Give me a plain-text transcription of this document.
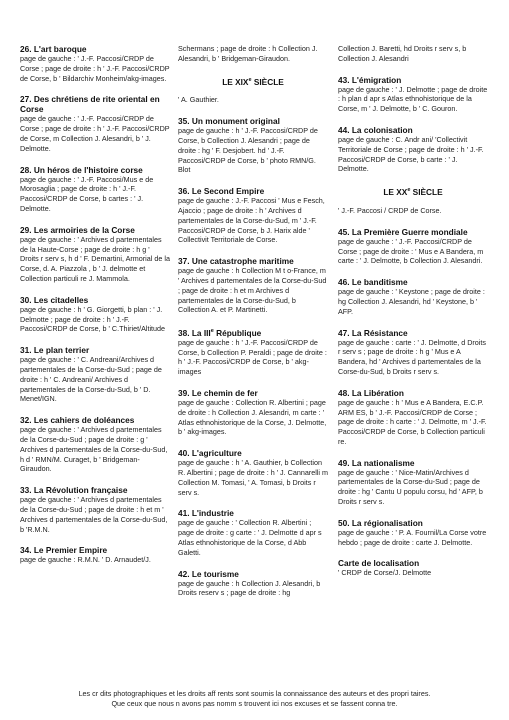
26. L'art baroque

page de gauche : ' J.-F. Paccosi/CRDP de Corse ; page de droite : h ' J.-F. Paccosi/CRDP de Corse, b ' Bildarchiv Monheim/akg-images.

27. Des chrétiens de rite oriental en Corse

page de gauche : ' J.-F. Paccosi/CRDP de Corse ; page de droite : h ' J.-F. Paccosi/CRDP de Corse, m Collection J. Alesandri, b ' J. Delmotte.

28. Un héros de l'histoire corse

page de gauche : ' J.-F. Paccosi/Mus e de Morosaglia ; page de droite : h ' J.-F. Paccosi/CRDP de Corse, b cartes : ' J. Delmotte.

29. Les armoiries de la Corse

page de gauche : ' Archives d partementales de la Haute-Corse ; page de droite : h g ' Droits r serv s, h d ' F. Demartini, Armorial de la Corse, d. A. Piazzola , b ' J. delmotte et Collection particuli re J. Mammola.

30. Les citadelles

page de gauche : h ' G. Giorgetti, b plan : ' J. Delmotte ; page de droite : h ' J.-F. Paccosi/CRDP de Corse, b ' C.Thiriet/Altitude

31. Le plan terrier

page de gauche : ' C. Andreani/Archives d partementales de la Corse-du-Sud ; page de droite : h ' C. Andreani/ Archives d partementales de la Corse-du-Sud, b ' D. Menet/IGN.

32. Les cahiers de doléances

page de gauche : ' Archives d partementales de la Corse-du-Sud ; page de droite : g ' Archives d partementales de la Corse-du-Sud, h d ' RMN/M. Curaget, b ' Bridgeman-Giraudon.

33. La Révolution française

page de gauche : ' Archives d partementales de la Corse-du-Sud ; page de droite : h et m ' Archives d partementales de la Corse-du-Sud, b 'R.M.N.

34. Le Premier Empire

page de gauche : R.M.N. ' D. Arnaudet/J.

Schermans ; page de droite : h Collection J. Alesandri, b ' Bridgeman-Giraudon.

LE XIXe SIÈCLE

' A. Gauthier.

35. Un monument original

page de gauche : h ' J.-F. Paccosi/CRDP de Corse, b Collection J. Alesandri ; page de droite : hg ' F. Desjobert. hd ' J.-F. Paccosi/CRDP de Corse, b ' photo RMN/G. Blot

36. Le Second Empire

page de gauche : J.-F. Paccosi ' Mus e Fesch, Ajaccio ; page de droite : h ' Archives d partementales de la Corse-du-Sud, m ' J.-F. Paccosi/CRDP de Corse, b J. Harix alde ' Collectivit Territoriale de Corse.

37. Une catastrophe maritime

page de gauche : h Collection M t o-France, m ' Archives d partementales de la Corse-du-Sud ; page de droite : h et m Archives d partementales de la Corse-du-Sud, b Collection A. et P. Martinetti.

38. La IIIe République

page de gauche : h ' J.-F. Paccosi/CRDP de Corse, b Collection P. Peraldi ; page de droite : h ' J.-F. Paccosi/CRDP de Corse, b ' akg-images

39. Le chemin de fer

page de gauche : Collection R. Albertini ; page de droite : h Collection J. Alesandri, m carte : ' Atlas ethnohistorique de la Corse, J. Delmotte, b ' akg-images.

40. L'agriculture

page de gauche : h ' A. Gauthier, b Collection R. Albertini ; page de droite : h ' J. Cannarelli m Collection M. Tomasi, ' A. Tomasi, b Droits r serv s.

41. L'industrie

page de gauche : ' Collection R. Albertini ; page de droite : g carte : ' J. Delmotte d apr s Atlas ethnohistorique de la Corse, d Abb Galetti.

42. Le tourisme

page de gauche : h Collection J. Alesandri, b Droits reserv s ; page de droite : hg

Collection J. Baretti, hd Droits r serv s, b Collection J. Alesandri

43. L'émigration

page de gauche : ' J. Delmotte ; page de droite : h plan d apr s Atlas ethnohistorique de la Corse, m ' J. Delmotte, b ' C. Gouron.

44. La colonisation

page de gauche : C. Andr ani/ 'Collectivit Territoriale de Corse ; page de droite : h ' J.-F. Paccosi/CRDP de Corse, b carte : ' J. Delmotte.

LE XXe SIÈCLE

' J.-F. Paccosi / CRDP de Corse.

45. La Première Guerre mondiale

page de gauche : ' J.-F. Paccosi/CRDP de Corse ; page de droite : ' Mus e A Bandera, m carte : ' J. Delmotte, b Collection J. Alesandri.

46. Le banditisme

page de gauche : ' Keystone ; page de droite : hg Collection J. Alesandri, hd ' Keystone, b ' AFP.

47. La Résistance

page de gauche : carte : ' J. Delmotte, d Droits r serv s ; page de droite : h g ' Mus e A Bandera, hd ' Archives d partementales de la Corse-du-Sud, b Droits r serv s.

48. La Libération

page de gauche : h ' Mus e A Bandera, E.C.P. ARM ES, b ' J.-F. Paccosi/CRDP de Corse ; page de droite : h carte : ' J. Delmotte, m ' J.-F. Paccosi/CRDP de Corse, b Collection particuli re.

49. La nationalisme

page de gauche : ' Nice-Matin/Archives d partementales de la Corse-du-Sud ; page de droite : hg ' Cantu U populu corsu, hd ' AFP, b Droits r serv s.

50. La régionalisation

page de gauche : ' P. A. Fournil/La Corse votre hebdo ; page de droite : carte J. Delmotte.

Carte de localisation

' CRDP de Corse/J. Delmotte

Les cr dits photographiques et les droits aff rents sont soumis la connaissance des auteurs et des propri taires.

Que ceux que nous n avons pas nomm s trouvent ici nos excuses et se fassent conna tre.
